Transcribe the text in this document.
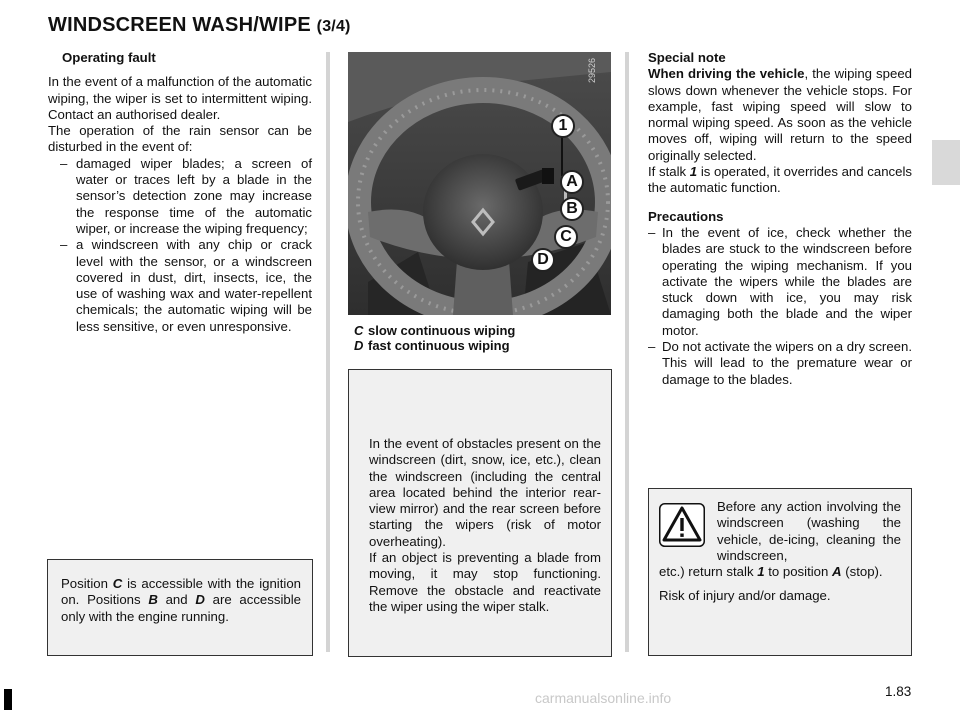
WINDSCREEN WASH/WIPE (3/4)

Operating fault

In the event of a malfunction of the automatic wiping, the wiper is set to intermittent wiping. Contact an authorised dealer.

The operation of the rain sensor can be disturbed in the event of:

– damaged wiper blades; a screen of water or traces left by a blade in the sensor’s detection zone may increase the response time of the automatic wiper, or increase the wiping frequency;
– a windscreen with any chip or crack level with the sensor, or a windscreen covered in dust, dirt, insects, ice, the use of washing wax and water-repellent chemicals; the automatic wiping will be less sensitive, or even unresponsive.

Position C is accessible with the ignition on. Positions B and D are accessible only with the engine running.

29526
1
A
B
C
D
C slow continuous wiping
D fast continuous wiping

In the event of obstacles present on the windscreen (dirt, snow, ice, etc.), clean the windscreen (including the central area located behind the interior rear-view mirror) and the rear screen before starting the wipers (risk of motor overheating).

If an object is preventing a blade from moving, it may stop functioning. Remove the obstacle and reactivate the wiper using the wiper stalk.

Special note

When driving the vehicle, the wiping speed slows down whenever the vehicle stops. For example, fast wiping speed will slow to normal wiping speed. As soon as the vehicle moves off, wiping will return to the speed originally selected.

If stalk 1 is operated, it overrides and cancels the automatic function.

Precautions

– In the event of ice, check whether the blades are stuck to the windscreen before operating the wiping mechanism. If you activate the wipers while the blades are stuck down with ice, you may risk damaging both the blade and the wiper motor.
– Do not activate the wipers on a dry screen. This will lead to the premature wear or damage to the blades.

Before any action involving the windscreen (washing the vehicle, de-icing, cleaning the windscreen,

etc.) return stalk 1 to position A (stop).

Risk of injury and/or damage.

1.83
carmanualsonline.info
